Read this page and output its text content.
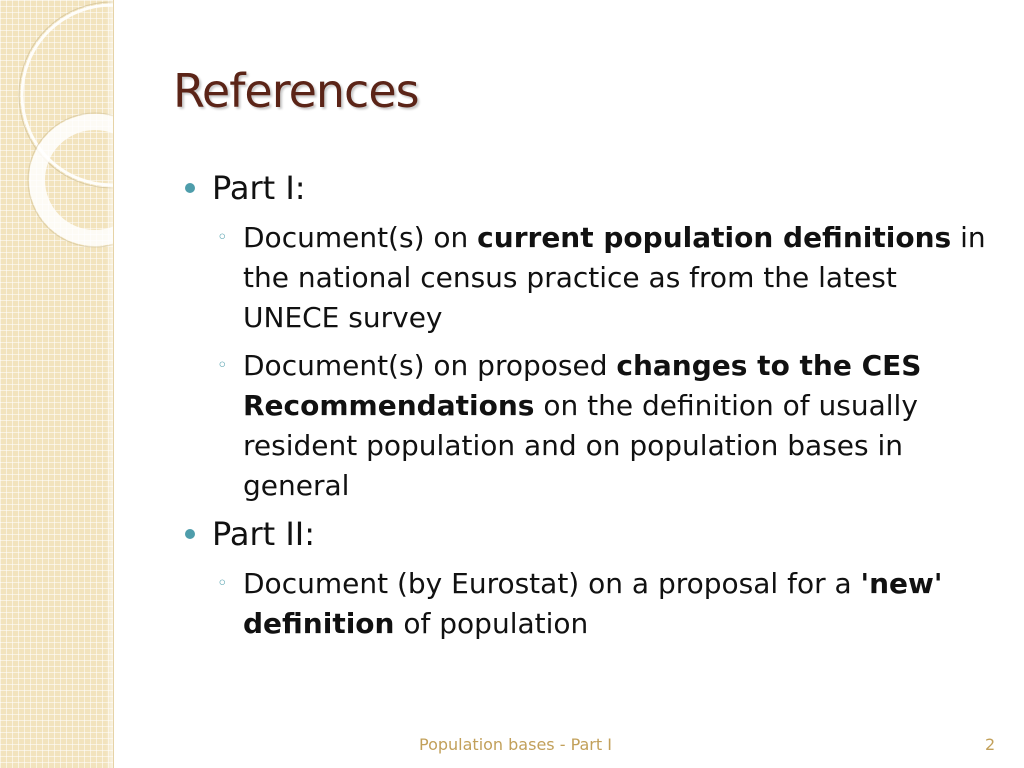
References
Part I:
◦ Document(s) on current population definitions in the national census practice as from the latest UNECE survey
◦ Document(s) on proposed changes to the CES Recommendations on the definition of usually resident population and on population bases in general
Part II:
◦ Document (by Eurostat) on a proposal for a 'new' definition of population
Population bases - Part I	2
